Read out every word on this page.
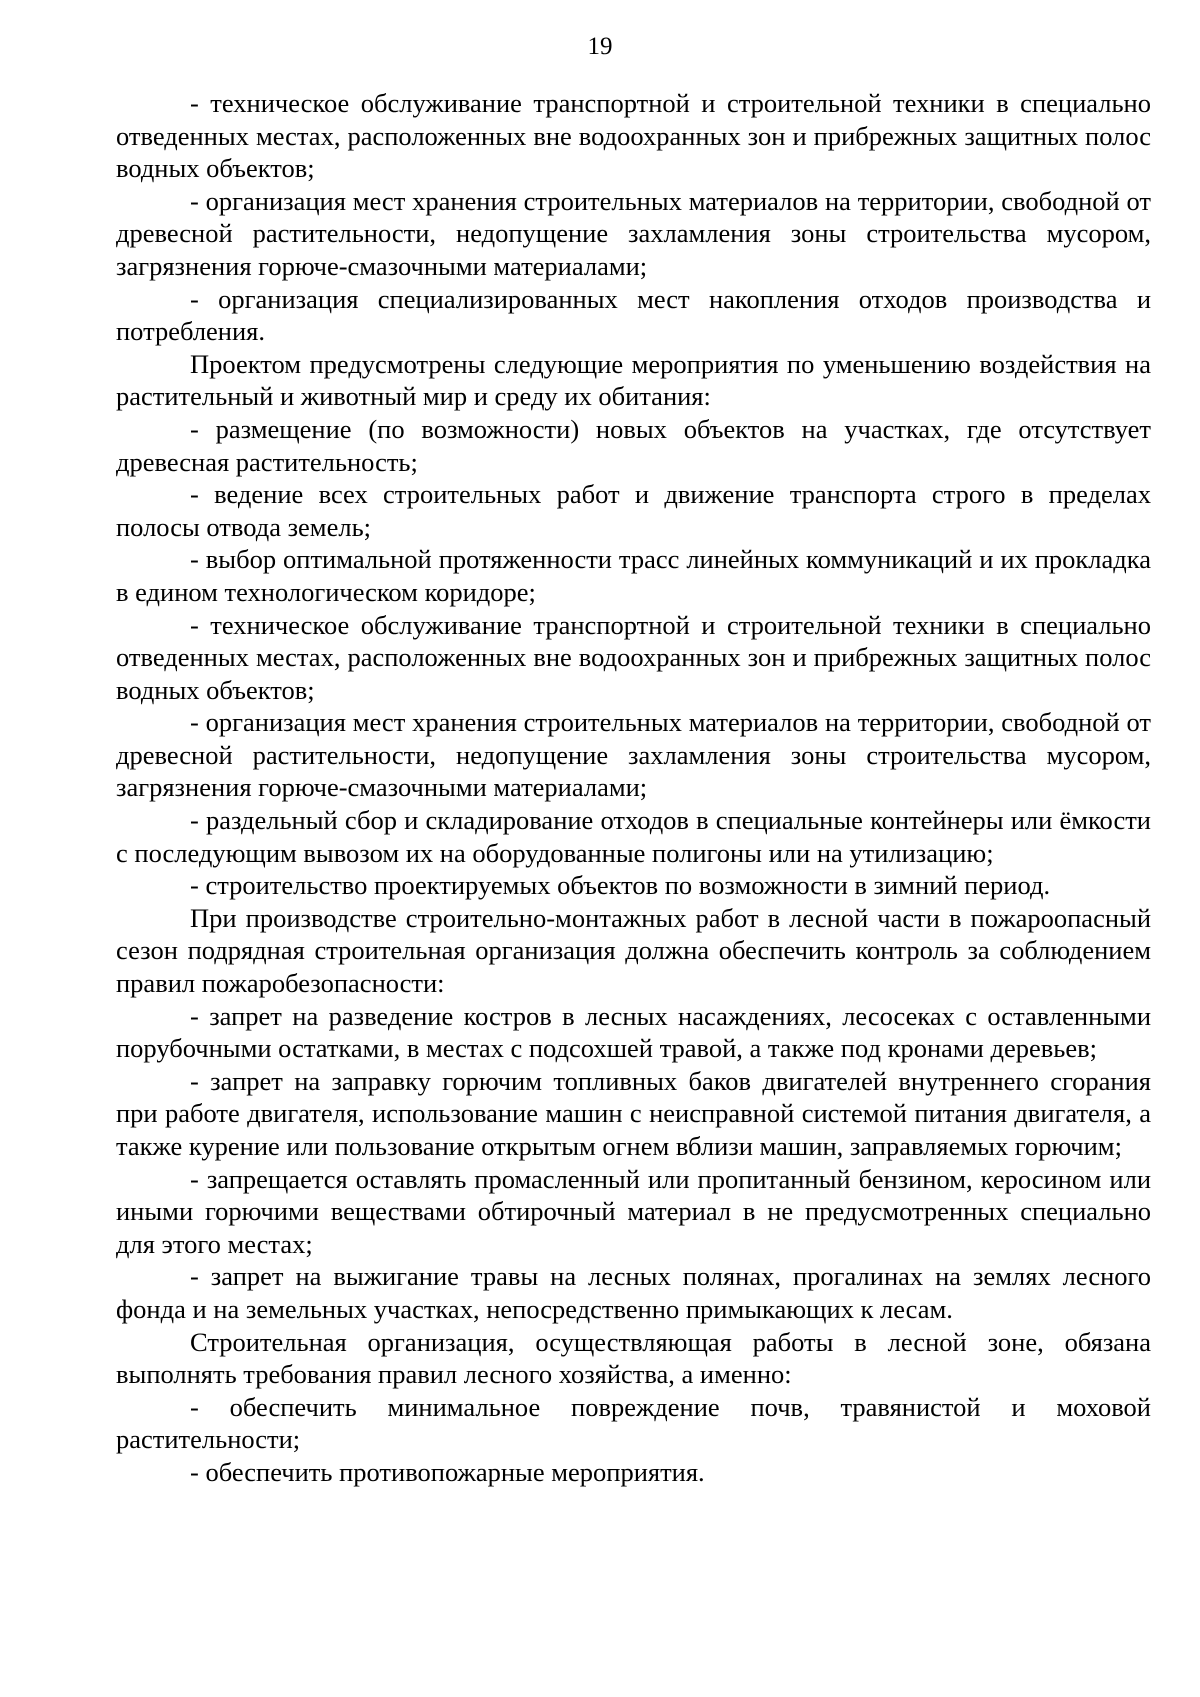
19

- техническое обслуживание транспортной и строительной техники в специально отведенных местах, расположенных вне водоохранных зон и прибрежных защитных полос водных объектов;

- организация мест хранения строительных материалов на территории, свободной от древесной растительности, недопущение захламления зоны строительства мусором, загрязнения горюче-смазочными материалами;

- организация специализированных мест накопления отходов производства и потребления.

Проектом предусмотрены следующие мероприятия по уменьшению воздействия на растительный и животный мир и среду их обитания:

- размещение (по возможности) новых объектов на участках, где отсутствует древесная растительность;

- ведение всех строительных работ и движение транспорта строго в пределах полосы отвода земель;

- выбор оптимальной протяженности трасс линейных коммуникаций и их прокладка в едином технологическом коридоре;

- техническое обслуживание транспортной и строительной техники в специально отведенных местах, расположенных вне водоохранных зон и прибрежных защитных полос водных объектов;

- организация мест хранения строительных материалов на территории, свободной от древесной растительности, недопущение захламления зоны строительства мусором, загрязнения горюче-смазочными материалами;

- раздельный сбор и складирование отходов в специальные контейнеры или ёмкости с последующим вывозом их на оборудованные полигоны или на утилизацию;

- строительство проектируемых объектов по возможности в зимний период.

При производстве строительно-монтажных работ в лесной части в пожароопасный сезон подрядная строительная организация должна обеспечить контроль за соблюдением правил пожаробезопасности:

- запрет на разведение костров в лесных насаждениях, лесосеках с оставленными порубочными остатками, в местах с подсохшей травой, а также под кронами деревьев;

- запрет на заправку горючим топливных баков двигателей внутреннего сгорания при работе двигателя, использование машин с неисправной системой питания двигателя, а также курение или пользование открытым огнем вблизи машин, заправляемых горючим;

- запрещается оставлять промасленный или пропитанный бензином, керосином или иными горючими веществами обтирочный материал в не предусмотренных специально для этого местах;

- запрет на выжигание травы на лесных полянах, прогалинах на землях лесного фонда и на земельных участках, непосредственно примыкающих к лесам.

Строительная организация, осуществляющая работы в лесной зоне, обязана выполнять требования правил лесного хозяйства, а именно:

- обеспечить минимальное повреждение почв, травянистой и моховой растительности;

- обеспечить противопожарные мероприятия.
